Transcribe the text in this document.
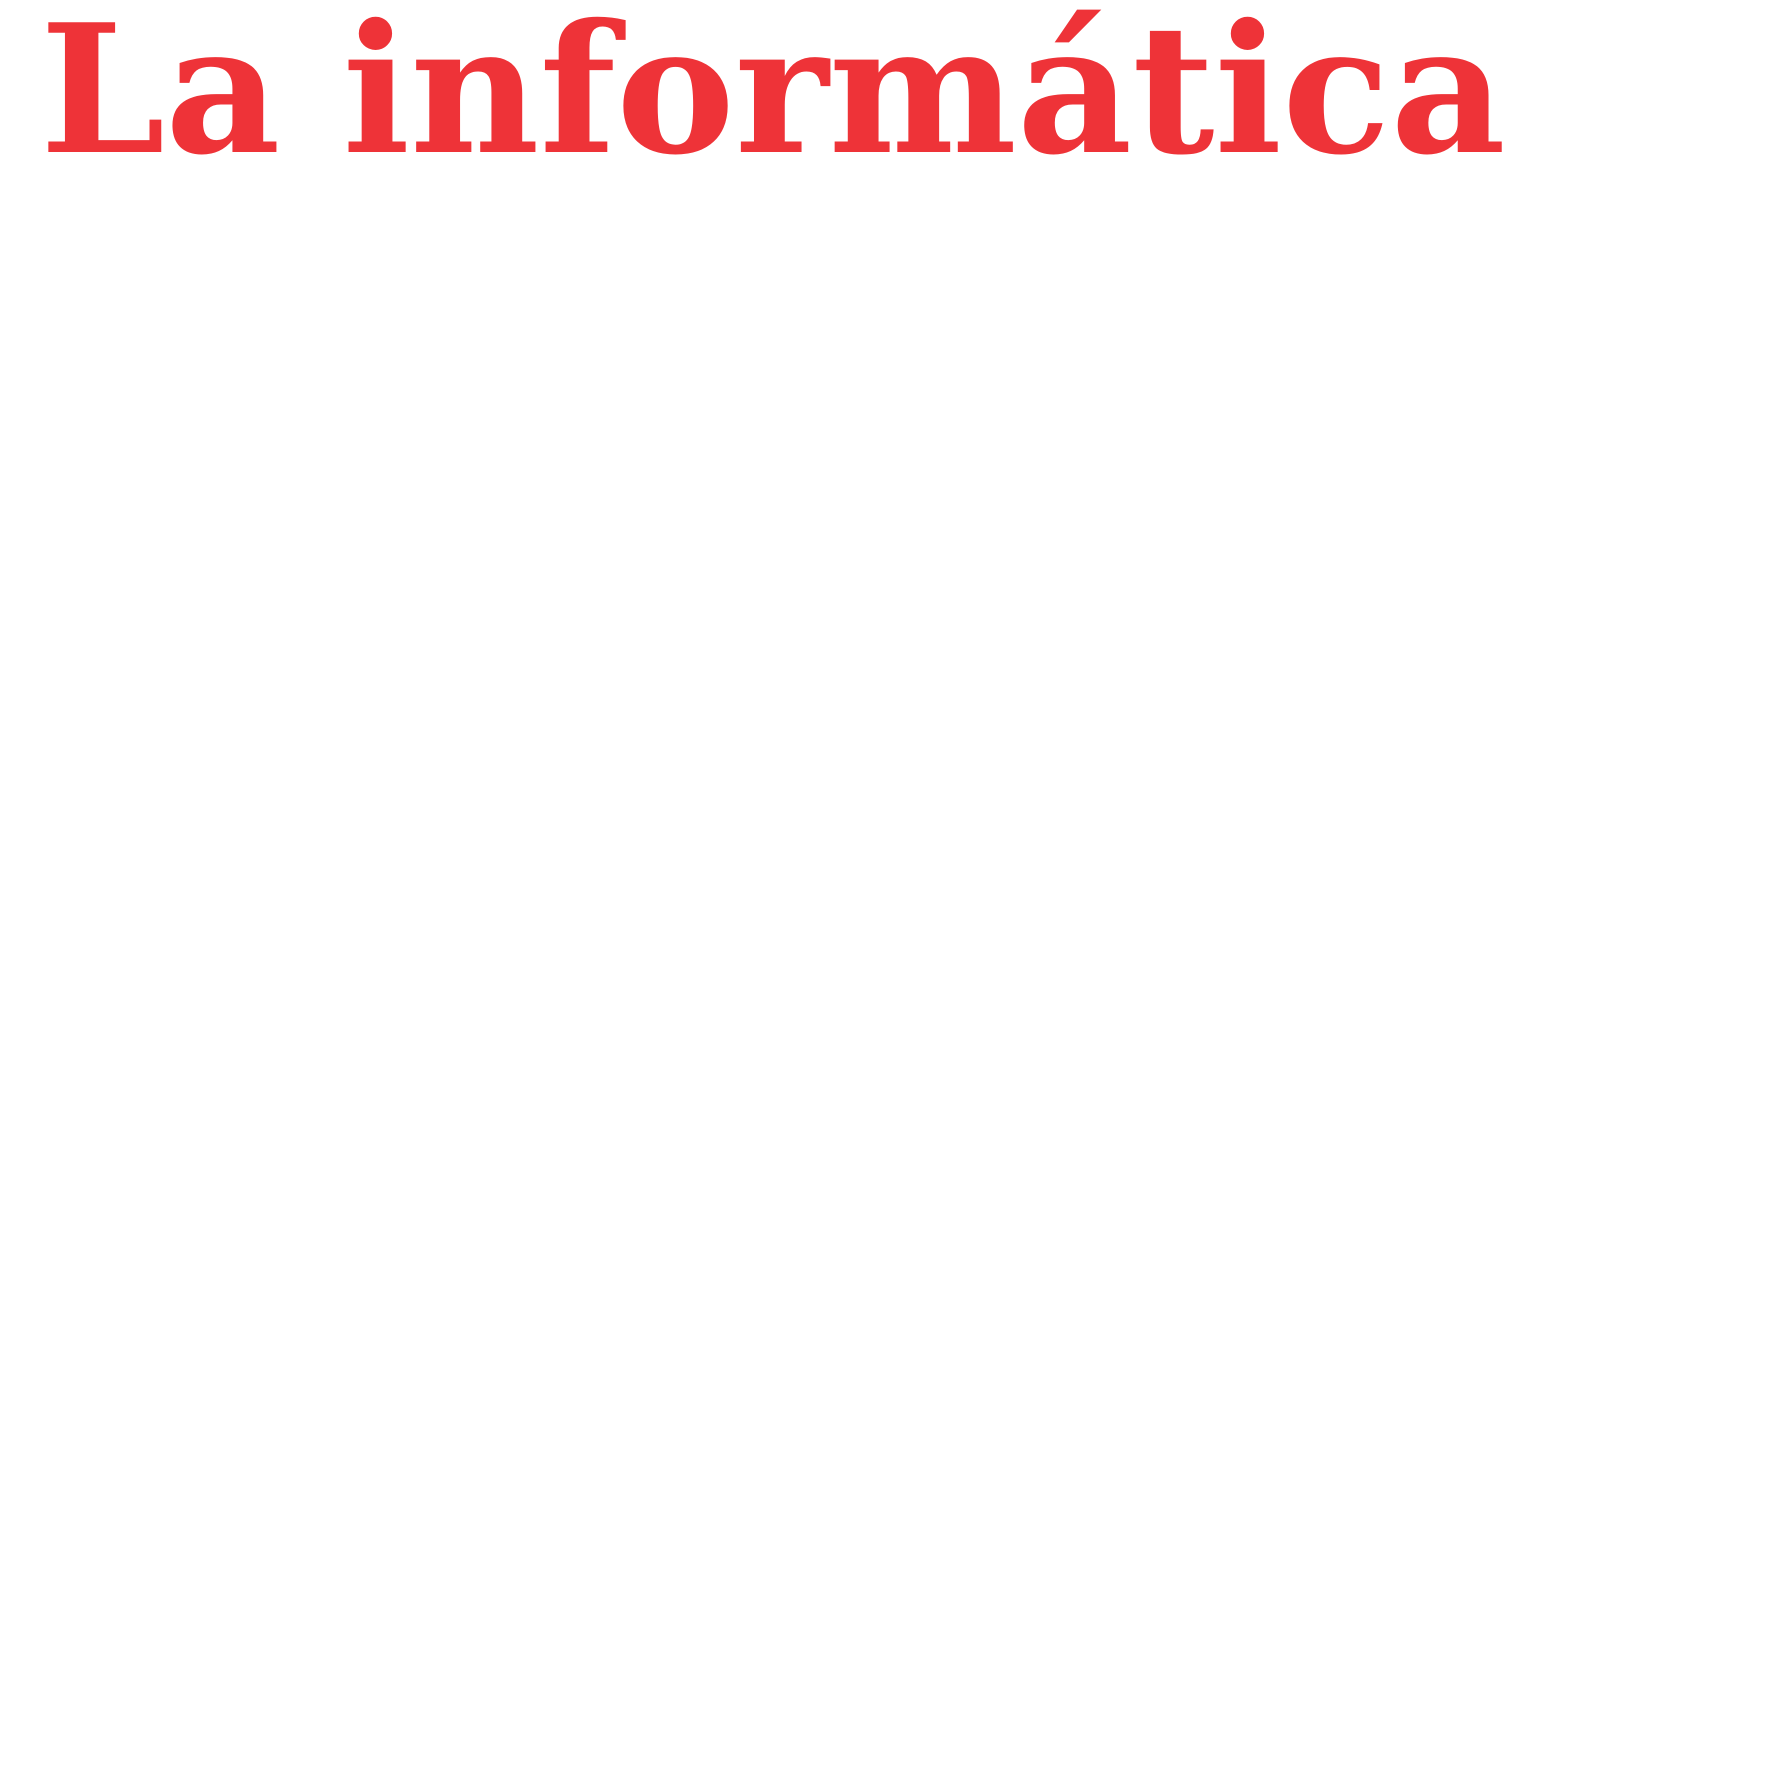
La informática
